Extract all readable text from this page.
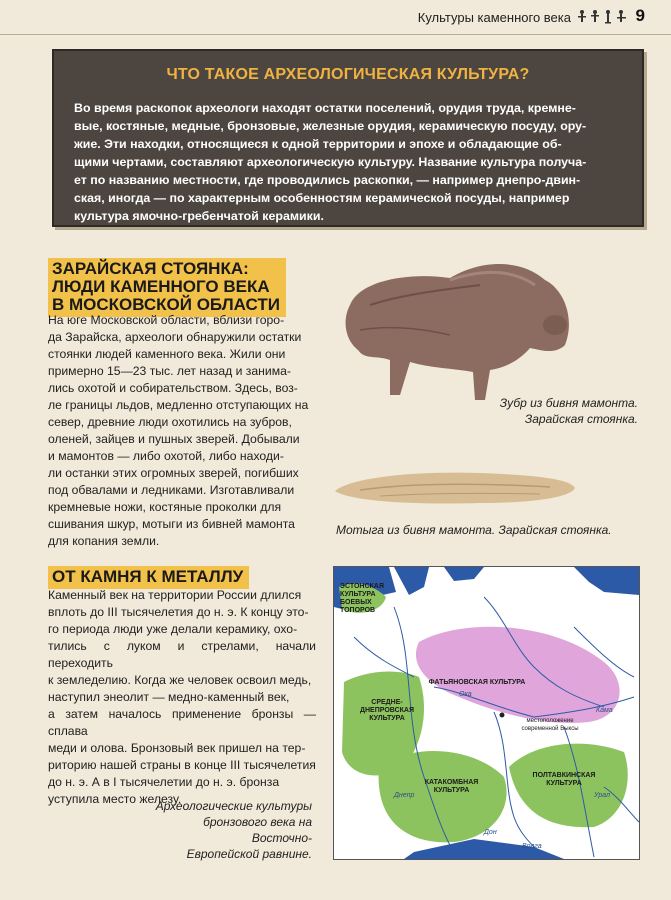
Культуры каменного века	9
ЧТО ТАКОЕ АРХЕОЛОГИЧЕСКАЯ КУЛЬТУРА?
Во время раскопок археологи находят остатки поселений, орудия труда, кремне-
вые, костяные, медные, бронзовые, железные орудия, керамическую посуду, ору-
жие. Эти находки, относящиеся к одной территории и эпохе и обладающие об-
щими чертами, составляют археологическую культуру. Название культура получа-
ет по названию местности, где проводились раскопки, — например днепро-двин-
ская, иногда — по характерным особенностям керамической посуды, например
культура ямочно-гребенчатой керамики.
ЗАРАЙСКАЯ СТОЯНКА:
ЛЮДИ КАМЕННОГО ВЕКА
В МОСКОВСКОЙ ОБЛАСТИ
На юге Московской области, вблизи горо-
да Зарайска, археологи обнаружили остатки
стоянки людей каменного века. Жили они
примерно 15—23 тыс. лет назад и занима-
лись охотой и собирательством. Здесь, воз-
ле границы льдов, медленно отступающих на
север, древние люди охотились на зубров,
оленей, зайцев и пушных зверей. Добывали
и мамонтов — либо охотой, либо находи-
ли останки этих огромных зверей, погибших
под обвалами и ледниками. Изготавливали
кремневые ножи, костяные проколки для
сшивания шкур, мотыги из бивней мамонта
для копания земли.
Зубр из бивня мамонта.
Зарайская стоянка.
Мотыга из бивня мамонта. Зарайская стоянка.
ОТ КАМНЯ К МЕТАЛЛУ
Каменный век на территории России длился
вплоть до III тысячелетия до н. э. К концу это-
го периода люди уже делали керамику, охо-
тились с луком и стрелами, начали переходить
к земледелию. Когда же человек освоил медь,
наступил энеолит — медно-каменный век,
а затем началось применение бронзы — сплава
меди и олова. Бронзовый век пришел на тер-
риторию нашей страны в конце III тысячелетия
до н. э. А в I тысячелетии до н. э. бронза
уступила место железу.
Археологические культуры
бронзового века на Восточно-
Европейской равнине.
ЭСТОНСКАЯ КУЛЬТУРА БОЕВЫХ ТОПОРОВ
ФАТЬЯНОВСКАЯ КУЛЬТУРА
СРЕДНЕ-ДНЕПРОВСКАЯ КУЛЬТУРА
КАТАКОМБНАЯ КУЛЬТУРА
ПОЛТАВКИНСКАЯ КУЛЬТУРА
местоположение современной Выксы
Ока
Кама
Днепр
Дон
Волга
Урал
